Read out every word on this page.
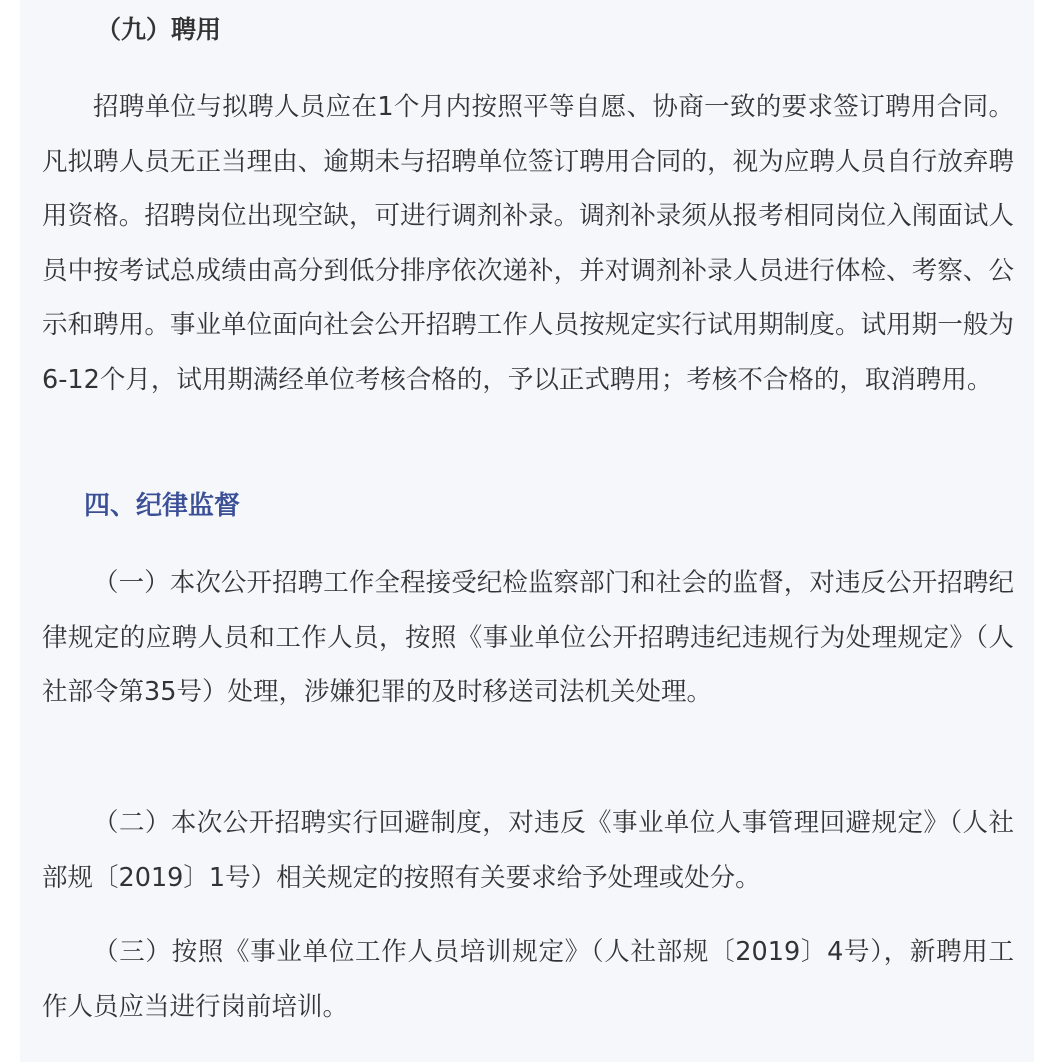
（九）聘用

招聘单位与拟聘人员应在1个月内按照平等自愿、协商一致的要求签订聘用合同。凡拟聘人员无正当理由、逾期未与招聘单位签订聘用合同的，视为应聘人员自行放弃聘用资格。招聘岗位出现空缺，可进行调剂补录。调剂补录须从报考相同岗位入闱面试人员中按考试总成绩由高分到低分排序依次递补，并对调剂补录人员进行体检、考察、公示和聘用。事业单位面向社会公开招聘工作人员按规定实行试用期制度。试用期一般为6-12个月，试用期满经单位考核合格的，予以正式聘用；考核不合格的，取消聘用。

四、纪律监督

（一）本次公开招聘工作全程接受纪检监察部门和社会的监督，对违反公开招聘纪律规定的应聘人员和工作人员，按照《事业单位公开招聘违纪违规行为处理规定》（人社部令第35号）处理，涉嫌犯罪的及时移送司法机关处理。

（二）本次公开招聘实行回避制度，对违反《事业单位人事管理回避规定》（人社部规〔2019〕1号）相关规定的按照有关要求给予处理或处分。

（三）按照《事业单位工作人员培训规定》（人社部规〔2019〕4号），新聘用工作人员应当进行岗前培训。
